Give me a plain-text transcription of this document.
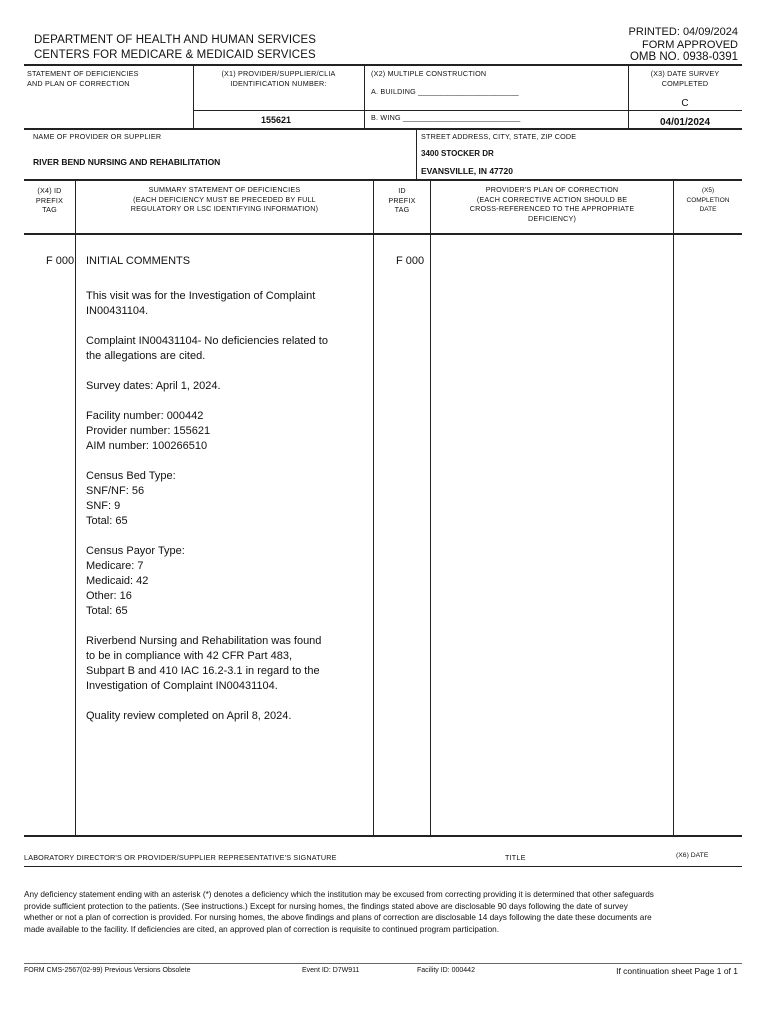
DEPARTMENT OF HEALTH AND HUMAN SERVICES
CENTERS FOR MEDICARE & MEDICAID SERVICES
PRINTED: 04/09/2024
FORM APPROVED
OMB NO. 0938-0391
STATEMENT OF DEFICIENCIES
AND PLAN OF CORRECTION
(X1) PROVIDER/SUPPLIER/CLIA
IDENTIFICATION NUMBER:
155621
(X2) MULTIPLE CONSTRUCTION
A. BUILDING ________________________
B. WING ____________________________
(X3) DATE SURVEY
COMPLETED
C
04/01/2024
NAME OF PROVIDER OR SUPPLIER
RIVER BEND NURSING AND REHABILITATION
STREET ADDRESS, CITY, STATE, ZIP CODE
3400 STOCKER DR
EVANSVILLE, IN 47720
(X4) ID
PREFIX
TAG
SUMMARY STATEMENT OF DEFICIENCIES
(EACH DEFICIENCY MUST BE PRECEDED BY FULL
REGULATORY OR LSC IDENTIFYING INFORMATION)
ID
PREFIX
TAG
PROVIDER'S PLAN OF CORRECTION
(EACH CORRECTIVE ACTION SHOULD BE
CROSS-REFERENCED TO THE APPROPRIATE
DEFICIENCY)
(X5)
COMPLETION
DATE
F 000	F 000
INITIAL COMMENTS

This visit was for the Investigation of Complaint
IN00431104.

Complaint IN00431104- No deficiencies related to
the allegations are cited.

Survey dates: April 1, 2024.

Facility number: 000442
Provider number: 155621
AIM number: 100266510

Census Bed Type:
SNF/NF: 56
SNF: 9
Total: 65

Census Payor Type:
Medicare: 7
Medicaid: 42
Other: 16
Total: 65

Riverbend Nursing and Rehabilitation was found
to be in compliance with 42 CFR Part 483,
Subpart B and 410 IAC 16.2-3.1 in regard to the
Investigation of Complaint IN00431104.

Quality review completed on April 8, 2024.

LABORATORY DIRECTOR'S OR PROVIDER/SUPPLIER REPRESENTATIVE'S SIGNATURE	TITLE	(X6) DATE
Any deficiency statement ending with an asterisk (*) denotes a deficiency which the institution may be excused from correcting providing it is determined that other safeguards provide sufficient protection to the patients. (See instructions.) Except for nursing homes, the findings stated above are disclosable 90 days following the date of survey whether or not a plan of correction is provided. For nursing homes, the above findings and plans of correction are disclosable 14 days following the date these documents are made available to the facility. If deficiencies are cited, an approved plan of correction is requisite to continued program participation.
FORM CMS-2567(02-99) Previous Versions Obsolete	Event ID: D7W911	Facility ID: 000442	If continuation sheet Page 1 of 1
